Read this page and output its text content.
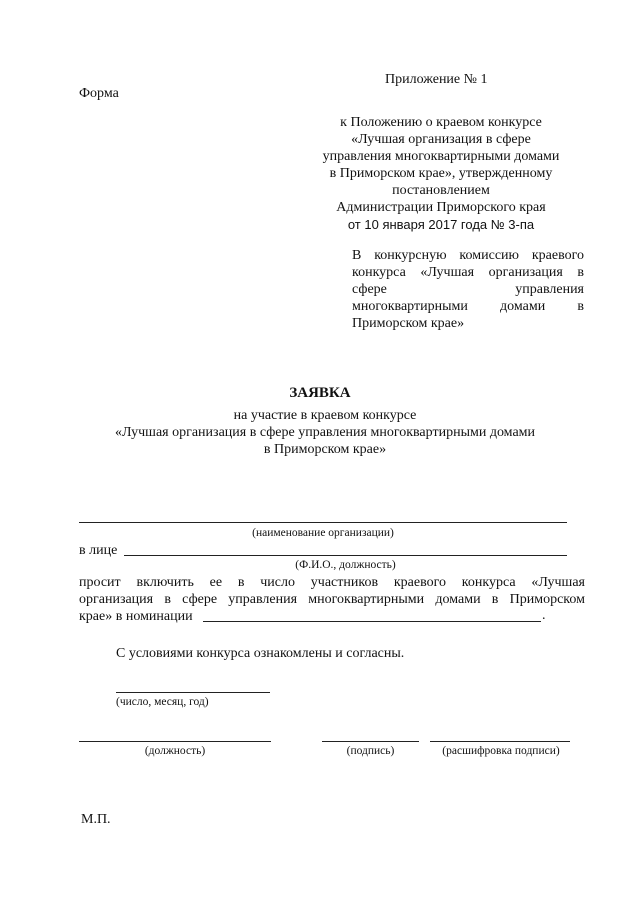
Форма
Приложение № 1
к Положению о краевом конкурсе
«Лучшая организация в сфере
управления многоквартирными домами
в Приморском крае», утвержденному
постановлением
Администрации Приморского края
от 10 января 2017 года № 3-па
В конкурсную комиссию краевого
конкурса «Лучшая организация в
сфере управления
многоквартирными домами в
Приморском крае»
ЗАЯВКА
на участие в краевом конкурсе
«Лучшая организация в сфере управления многоквартирными домами
в Приморском крае»
(наименование организации)
в лице
(Ф.И.О., должность)
просит включить ее в число участников краевого конкурса «Лучшая
организация в сфере управления многоквартирными домами в Приморском
крае» в номинации	.
С условиями конкурса ознакомлены и согласны.
(число, месяц, год)
(должность)	(подпись)	(расшифровка подписи)
М.П.
